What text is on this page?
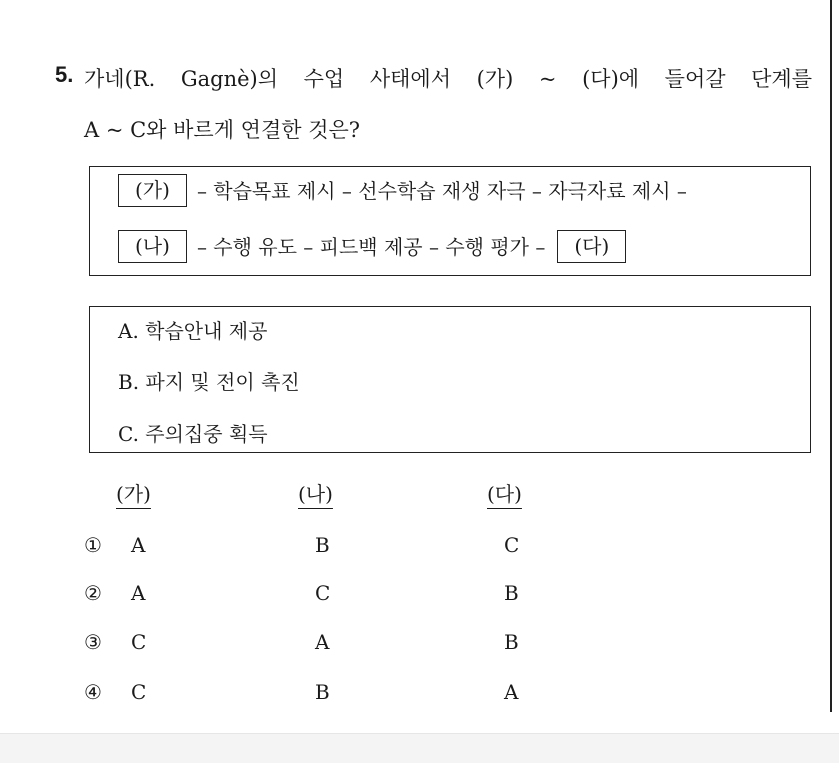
5. 가네(R. Gagnè)의 수업 사태에서 (가) ~ (다)에 들어갈 단계를
A ~ C와 바르게 연결한 것은?
(가)	– 학습목표 제시 – 선수학습 재생 자극 – 자극자료 제시 –
(나)	– 수행 유도 – 피드백 제공 – 수행 평가 –	(다)
A. 학습안내 제공
B. 파지 및 전이 촉진
C. 주의집중 획득
(가)	(나)	(다)
①	A	B	C
②	A	C	B
③	C	A	B
④	C	B	A
